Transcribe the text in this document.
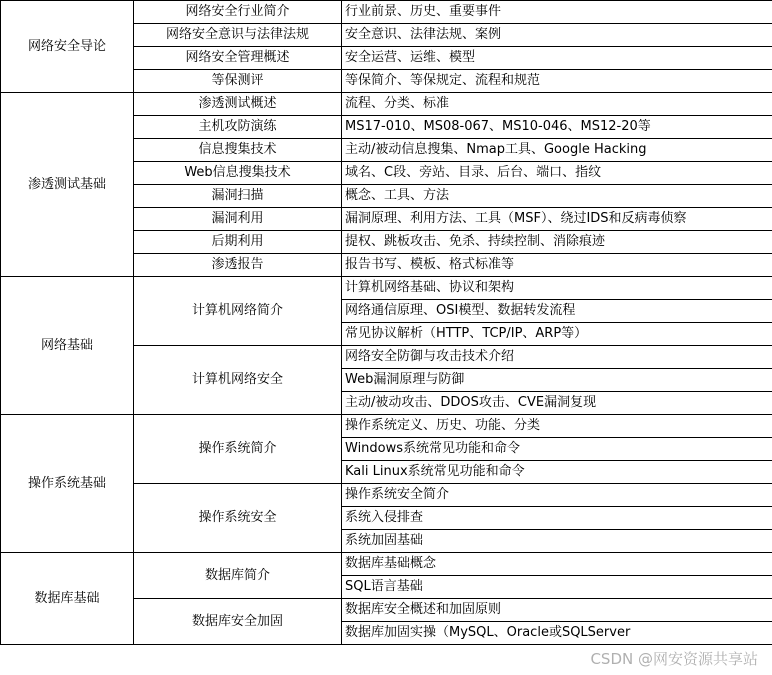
网络安全导论	网络安全行业简介	行业前景、历史、重要事件
	网络安全意识与法律法规	安全意识、法律法规、案例
	网络安全管理概述	安全运营、运维、模型
	等保测评	等保简介、等保规定、流程和规范
渗透测试基础	渗透测试概述	流程、分类、标准
	主机攻防演练	MS17-010、MS08-067、MS10-046、MS12-20等
	信息搜集技术	主动/被动信息搜集、Nmap工具、Google Hacking
	Web信息搜集技术	域名、C段、旁站、目录、后台、端口、指纹
	漏洞扫描	概念、工具、方法
	漏洞利用	漏洞原理、利用方法、工具（MSF）、绕过IDS和反病毒侦察
	后期利用	提权、跳板攻击、免杀、持续控制、消除痕迹
	渗透报告	报告书写、模板、格式标准等
网络基础	计算机网络简介	计算机网络基础、协议和架构
		网络通信原理、OSI模型、数据转发流程
		常见协议解析（HTTP、TCP/IP、ARP等）
	计算机网络安全	网络安全防御与攻击技术介绍
		Web漏洞原理与防御
		主动/被动攻击、DDOS攻击、CVE漏洞复现
操作系统基础	操作系统简介	操作系统定义、历史、功能、分类
		Windows系统常见功能和命令
		Kali Linux系统常见功能和命令
	操作系统安全	操作系统安全简介
		系统入侵排查
		系统加固基础
数据库基础	数据库简介	数据库基础概念
		SQL语言基础
	数据库安全加固	数据库安全概述和加固原则
		数据库加固实操（MySQL、Oracle或SQLServer
CSDN @网安资源共享站
